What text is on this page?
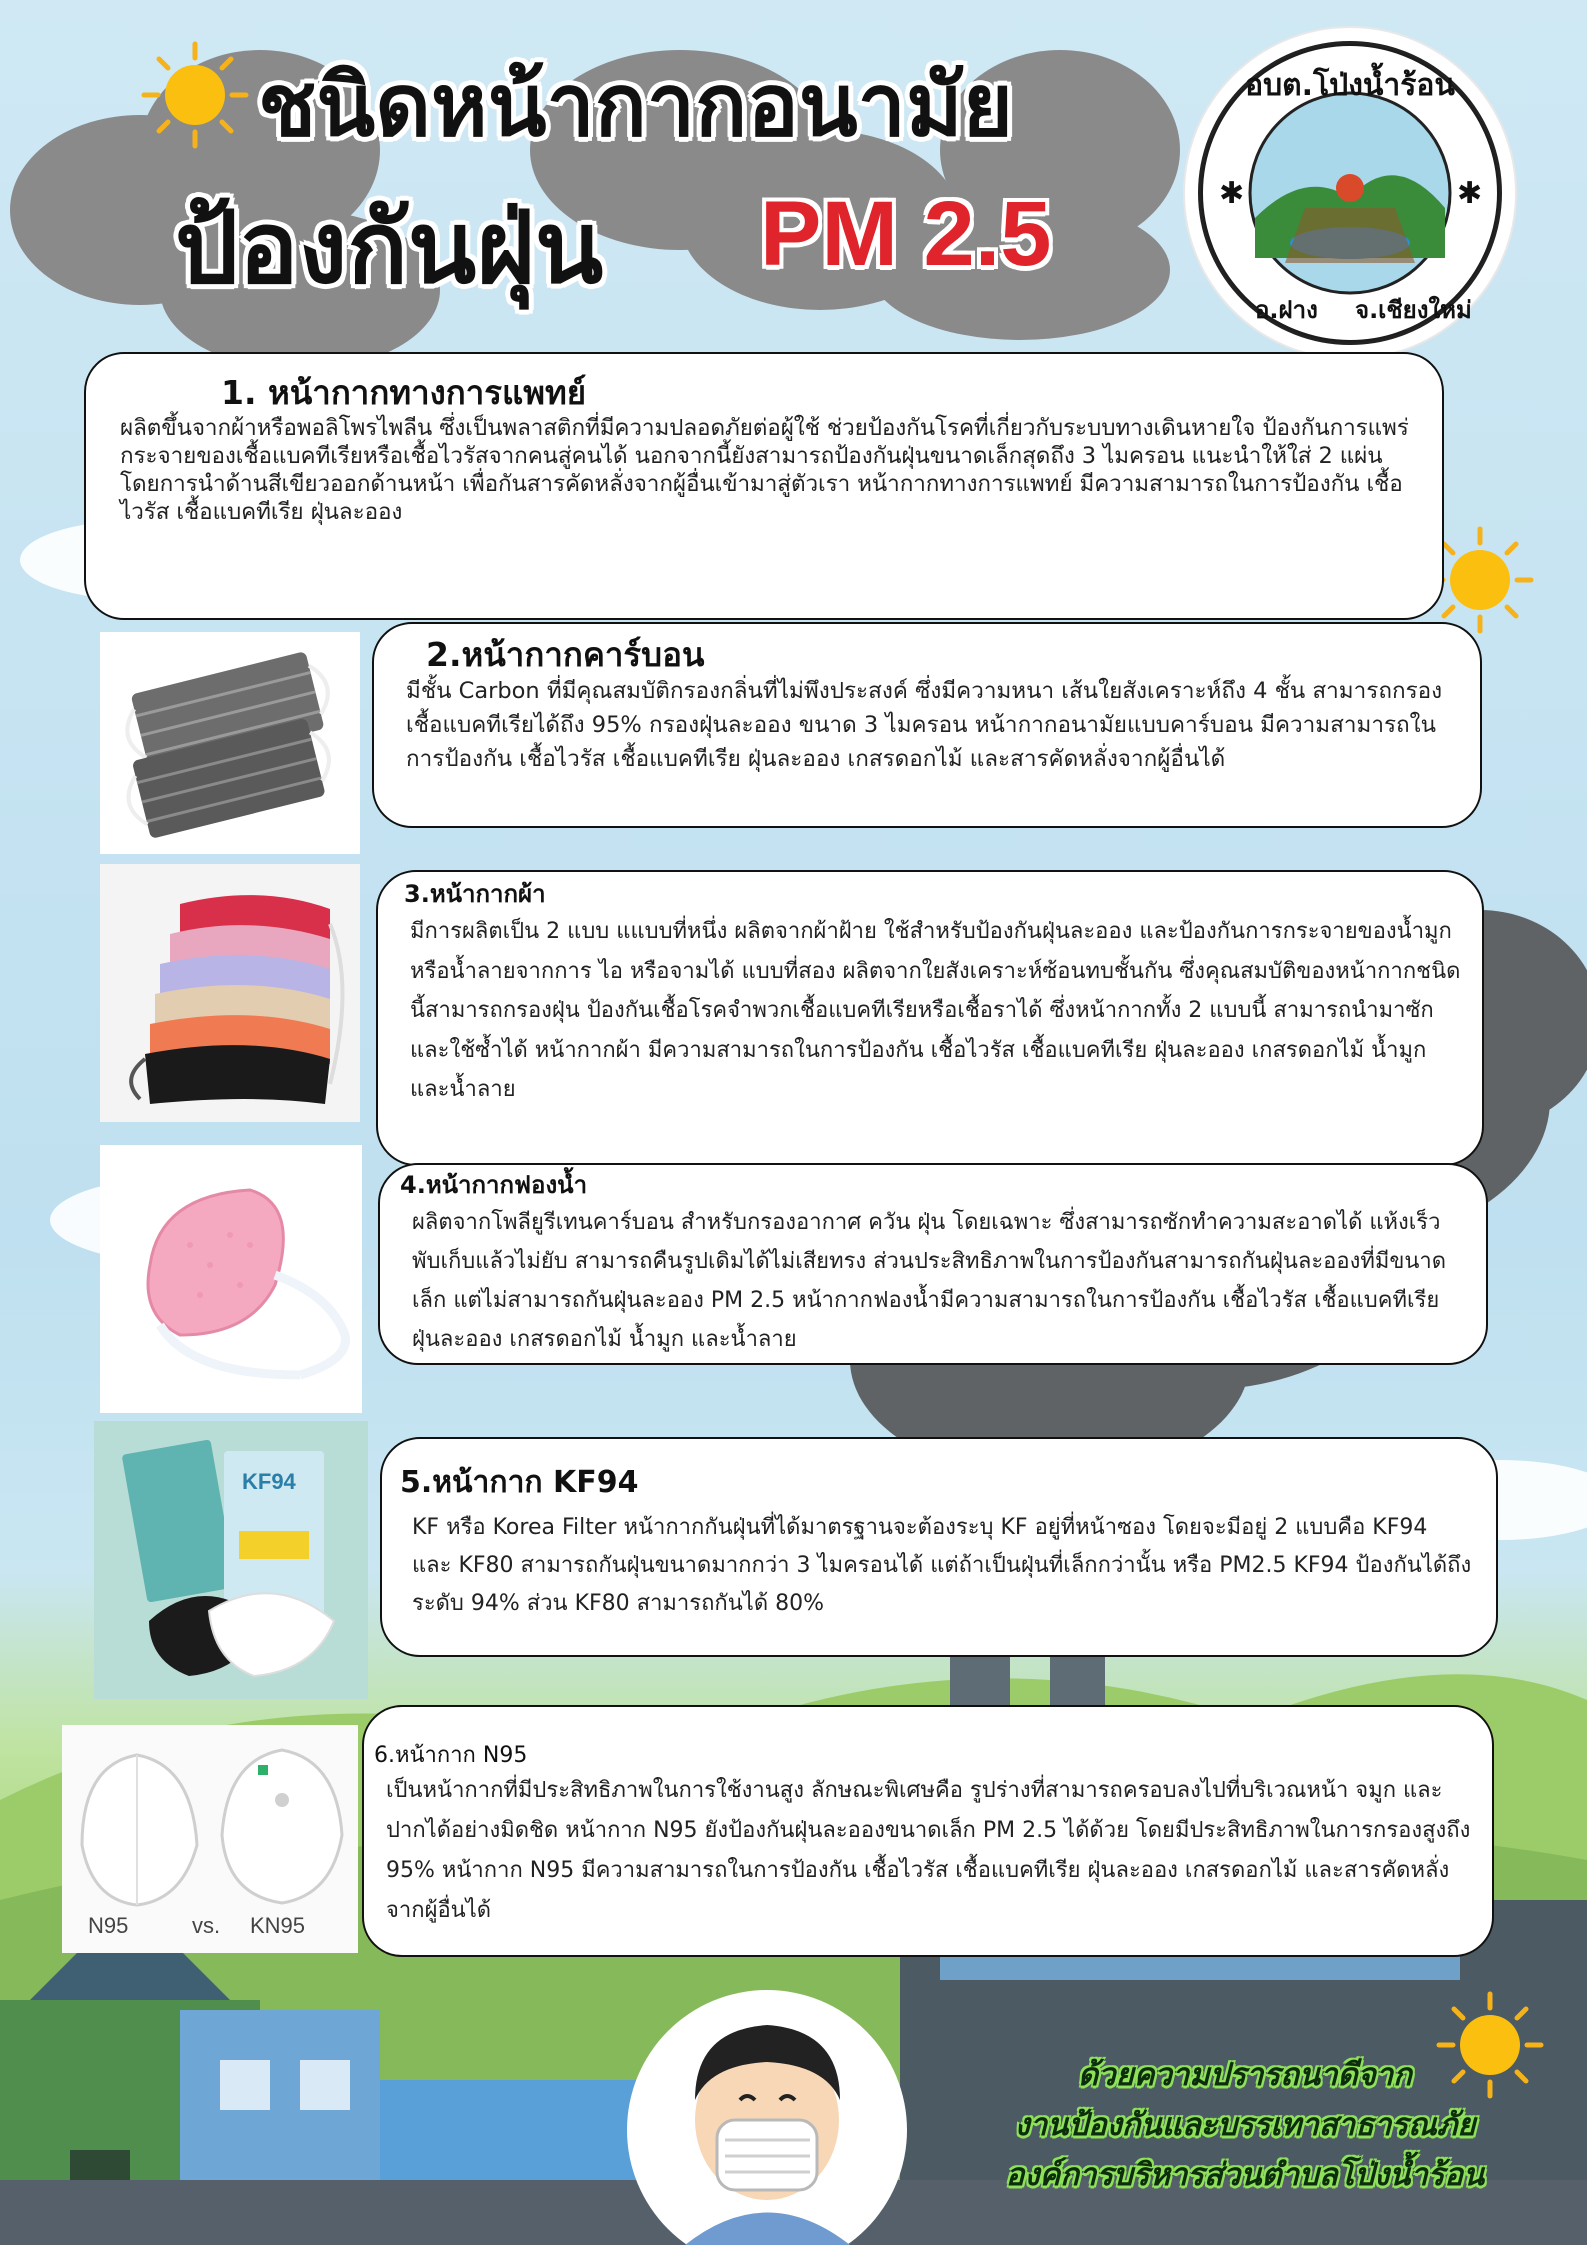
ชนิดหน้ากากอนามัย
ป้องกันฝุ่น PM 2.5	✱	✱
อบต.โป่งน้ำร้อน
อ.ฝาง จ.เชียงใหม่
1. หน้ากากทางการแพทย์

ผลิตขึ้นจากผ้าหรือพอลิโพรไพลีน ซึ่งเป็นพลาสติกที่มีความปลอดภัยต่อผู้ใช้ ช่วยป้องกันโรคที่เกี่ยวกับระบบทางเดินหายใจ ป้องกันการแพร่กระจายของเชื้อแบคทีเรียหรือเชื้อไวรัสจากคนสู่คนได้ นอกจากนี้ยังสามารถป้องกันฝุ่นขนาดเล็กสุดถึง 3 ไมครอน แนะนำให้ใส่ 2 แผ่น โดยการนำด้านสีเขียวออกด้านหน้า เพื่อกันสารคัดหลั่งจากผู้อื่นเข้ามาสู่ตัวเรา หน้ากากทางการแพทย์ มีความสามารถในการป้องกัน เชื้อไวรัส เชื้อแบคทีเรีย ฝุ่นละออง

2.หน้ากากคาร์บอน

มีชั้น Carbon ที่มีคุณสมบัติกรองกลิ่นที่ไม่พึงประสงค์ ซึ่งมีความหนา เส้นใยสังเคราะห์ถึง 4 ชั้น สามารถกรองเชื้อแบคทีเรียได้ถึง 95% กรองฝุ่นละออง ขนาด 3 ไมครอน หน้ากากอนามัยแบบคาร์บอน มีความสามารถในการป้องกัน เชื้อไวรัส เชื้อแบคทีเรีย ฝุ่นละออง เกสรดอกไม้ และสารคัดหลั่งจากผู้อื่นได้

3.หน้ากากผ้า

มีการผลิตเป็น 2 แบบ แแบบที่หนึ่ง ผลิตจากผ้าฝ้าย ใช้สำหรับป้องกันฝุ่นละออง และป้องกันการกระจายของน้ำมูกหรือน้ำลายจากการ ไอ หรือจามได้ แบบที่สอง ผลิตจากใยสังเคราะห์ซ้อนทบชั้นกัน ซึ่งคุณสมบัติของหน้ากากชนิดนี้สามารถกรองฝุ่น ป้องกันเชื้อโรคจำพวกเชื้อแบคทีเรียหรือเชื้อราได้ ซึ่งหน้ากากทั้ง 2 แบบนี้ สามารถนำมาซัก และใช้ซ้ำได้ หน้ากากผ้า มีความสามารถในการป้องกัน เชื้อไวรัส เชื้อแบคทีเรีย ฝุ่นละออง เกสรดอกไม้ น้ำมูก และน้ำลาย

4.หน้ากากฟองน้ำ

ผลิตจากโพลียูรีเทนคาร์บอน สำหรับกรองอากาศ ควัน ฝุ่น โดยเฉพาะ ซึ่งสามารถซักทำความสะอาดได้ แห้งเร็ว พับเก็บแล้วไม่ยับ สามารถคืนรูปเดิมได้ไม่เสียทรง ส่วนประสิทธิภาพในการป้องกันสามารถกันฝุ่นละอองที่มีขนาดเล็ก แต่ไม่สามารถกันฝุ่นละออง PM 2.5 หน้ากากฟองน้ำมีความสามารถในการป้องกัน เชื้อไวรัส เชื้อแบคทีเรีย ฝุ่นละออง เกสรดอกไม้ น้ำมูก และน้ำลาย

KF94	5.หน้ากาก KF94

KF หรือ Korea Filter หน้ากากกันฝุ่นที่ได้มาตรฐานจะต้องระบุ KF อยู่ที่หน้าซอง โดยจะมีอยู่ 2 แบบคือ KF94 และ KF80 สามารถกันฝุ่นขนาดมากกว่า 3 ไมครอนได้ แต่ถ้าเป็นฝุ่นที่เล็กกว่านั้น หรือ PM2.5 KF94 ป้องกันได้ถึงระดับ 94% ส่วน KF80 สามารถกันได้ 80%

N95	vs. KN95
6.หน้ากาก N95

เป็นหน้ากากที่มีประสิทธิภาพในการใช้งานสูง ลักษณะพิเศษคือ รูปร่างที่สามารถครอบลงไปที่บริเวณหน้า จมูก และปากได้อย่างมิดชิด หน้ากาก N95 ยังป้องกันฝุ่นละอองขนาดเล็ก PM 2.5 ได้ด้วย โดยมีประสิทธิภาพในการกรองสูงถึง 95% หน้ากาก N95 มีความสามารถในการป้องกัน เชื้อไวรัส เชื้อแบคทีเรีย ฝุ่นละออง เกสรดอกไม้ และสารคัดหลั่งจากผู้อื่นได้

ด้วยความปรารถนาดีจาก
งานป้องกันและบรรเทาสาธารณภัย
องค์การบริหารส่วนตำบลโป่งน้ำร้อน
